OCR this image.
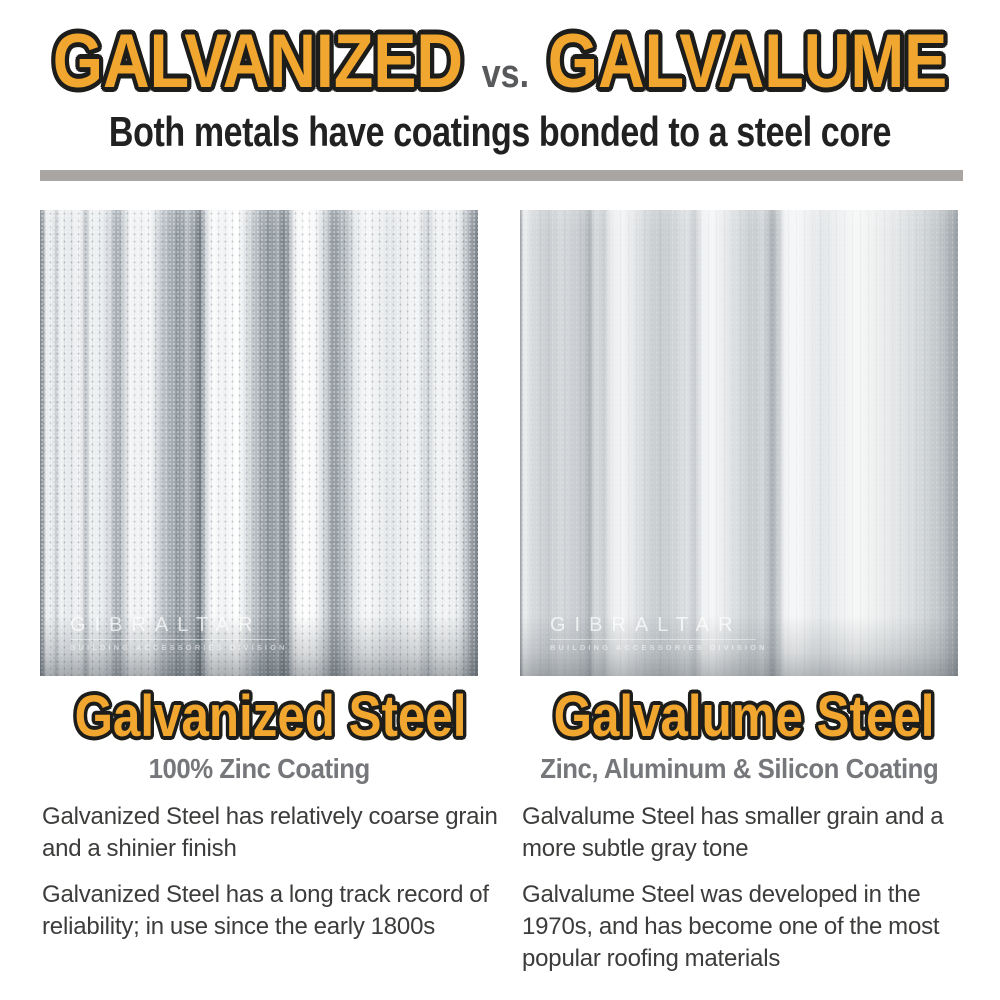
GALVANIZED vs. GALVALUME
Both metals have coatings bonded to a steel core
GIBRALTAR
BUILDING ACCESSORIES DIVISION
GIBRALTAR
BUILDING ACCESSORIES DIVISION
Galvanized Steel	Galvalume Steel
100% Zinc Coating	Zinc, Aluminum & Silicon Coating

Galvanized Steel has relatively coarse grain and a shinier finish

Galvanized Steel has a long track record of reliability; in use since the early 1800s

Galvalume Steel has smaller grain and a more subtle gray tone

Galvalume Steel was developed in the 1970s, and has become one of the most popular roofing materials
